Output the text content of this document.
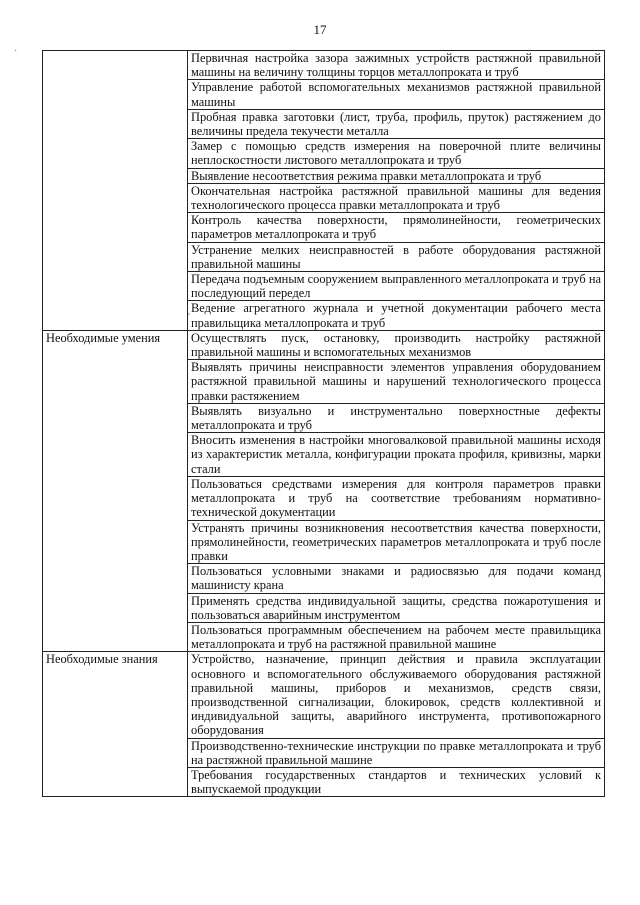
17
·
'
	Первичная настройка зазора зажимных устройств растяжной правильной машины на величину толщины торцов металлопроката и труб
	Управление работой вспомогательных механизмов растяжной правильной машины
	Пробная правка заготовки (лист, труба, профиль, пруток) растяжением до величины предела текучести металла
	Замер с помощью средств измерения на поверочной плите величины неплоскостности листового металлопроката и труб
	Выявление несоответствия режима правки металлопроката и труб
	Окончательная настройка растяжной правильной машины для ведения технологического процесса правки металлопроката и труб
	Контроль качества поверхности, прямолинейности, геометрических параметров металлопроката и труб
	Устранение мелких неисправностей в работе оборудования растяжной правильной машины
	Передача подъемным сооружением выправленного металлопроката и труб на последующий передел
	Ведение агрегатного журнала и учетной документации рабочего места правильщика металлопроката и труб
Необходимые умения	Осуществлять пуск, остановку, производить настройку растяжной правильной машины и вспомогательных механизмов
	Выявлять причины неисправности элементов управления оборудованием растяжной правильной машины и нарушений технологического процесса правки растяжением
	Выявлять визуально и инструментально поверхностные дефекты металлопроката и труб
	Вносить изменения в настройки многовалковой правильной машины исходя из характеристик металла, конфигурации проката профиля, кривизны, марки стали
	Пользоваться средствами измерения для контроля параметров правки металлопроката и труб на соответствие требованиям нормативно-технической документации
	Устранять причины возникновения несоответствия качества поверхности, прямолинейности, геометрических параметров металлопроката и труб после правки
	Пользоваться условными знаками и радиосвязью для подачи команд машинисту крана
	Применять средства индивидуальной защиты, средства пожаротушения и пользоваться аварийным инструментом
	Пользоваться программным обеспечением на рабочем месте правильщика металлопроката и труб на растяжной правильной машине
Необходимые знания	Устройство, назначение, принцип действия и правила эксплуатации основного и вспомогательного обслуживаемого оборудования растяжной правильной машины, приборов и механизмов, средств связи, производственной сигнализации, блокировок, средств коллективной и индивидуальной защиты, аварийного инструмента, противопожарного оборудования
	Производственно-технические инструкции по правке металлопроката и труб на растяжной правильной машине
	Требования государственных стандартов и технических условий к выпускаемой продукции
